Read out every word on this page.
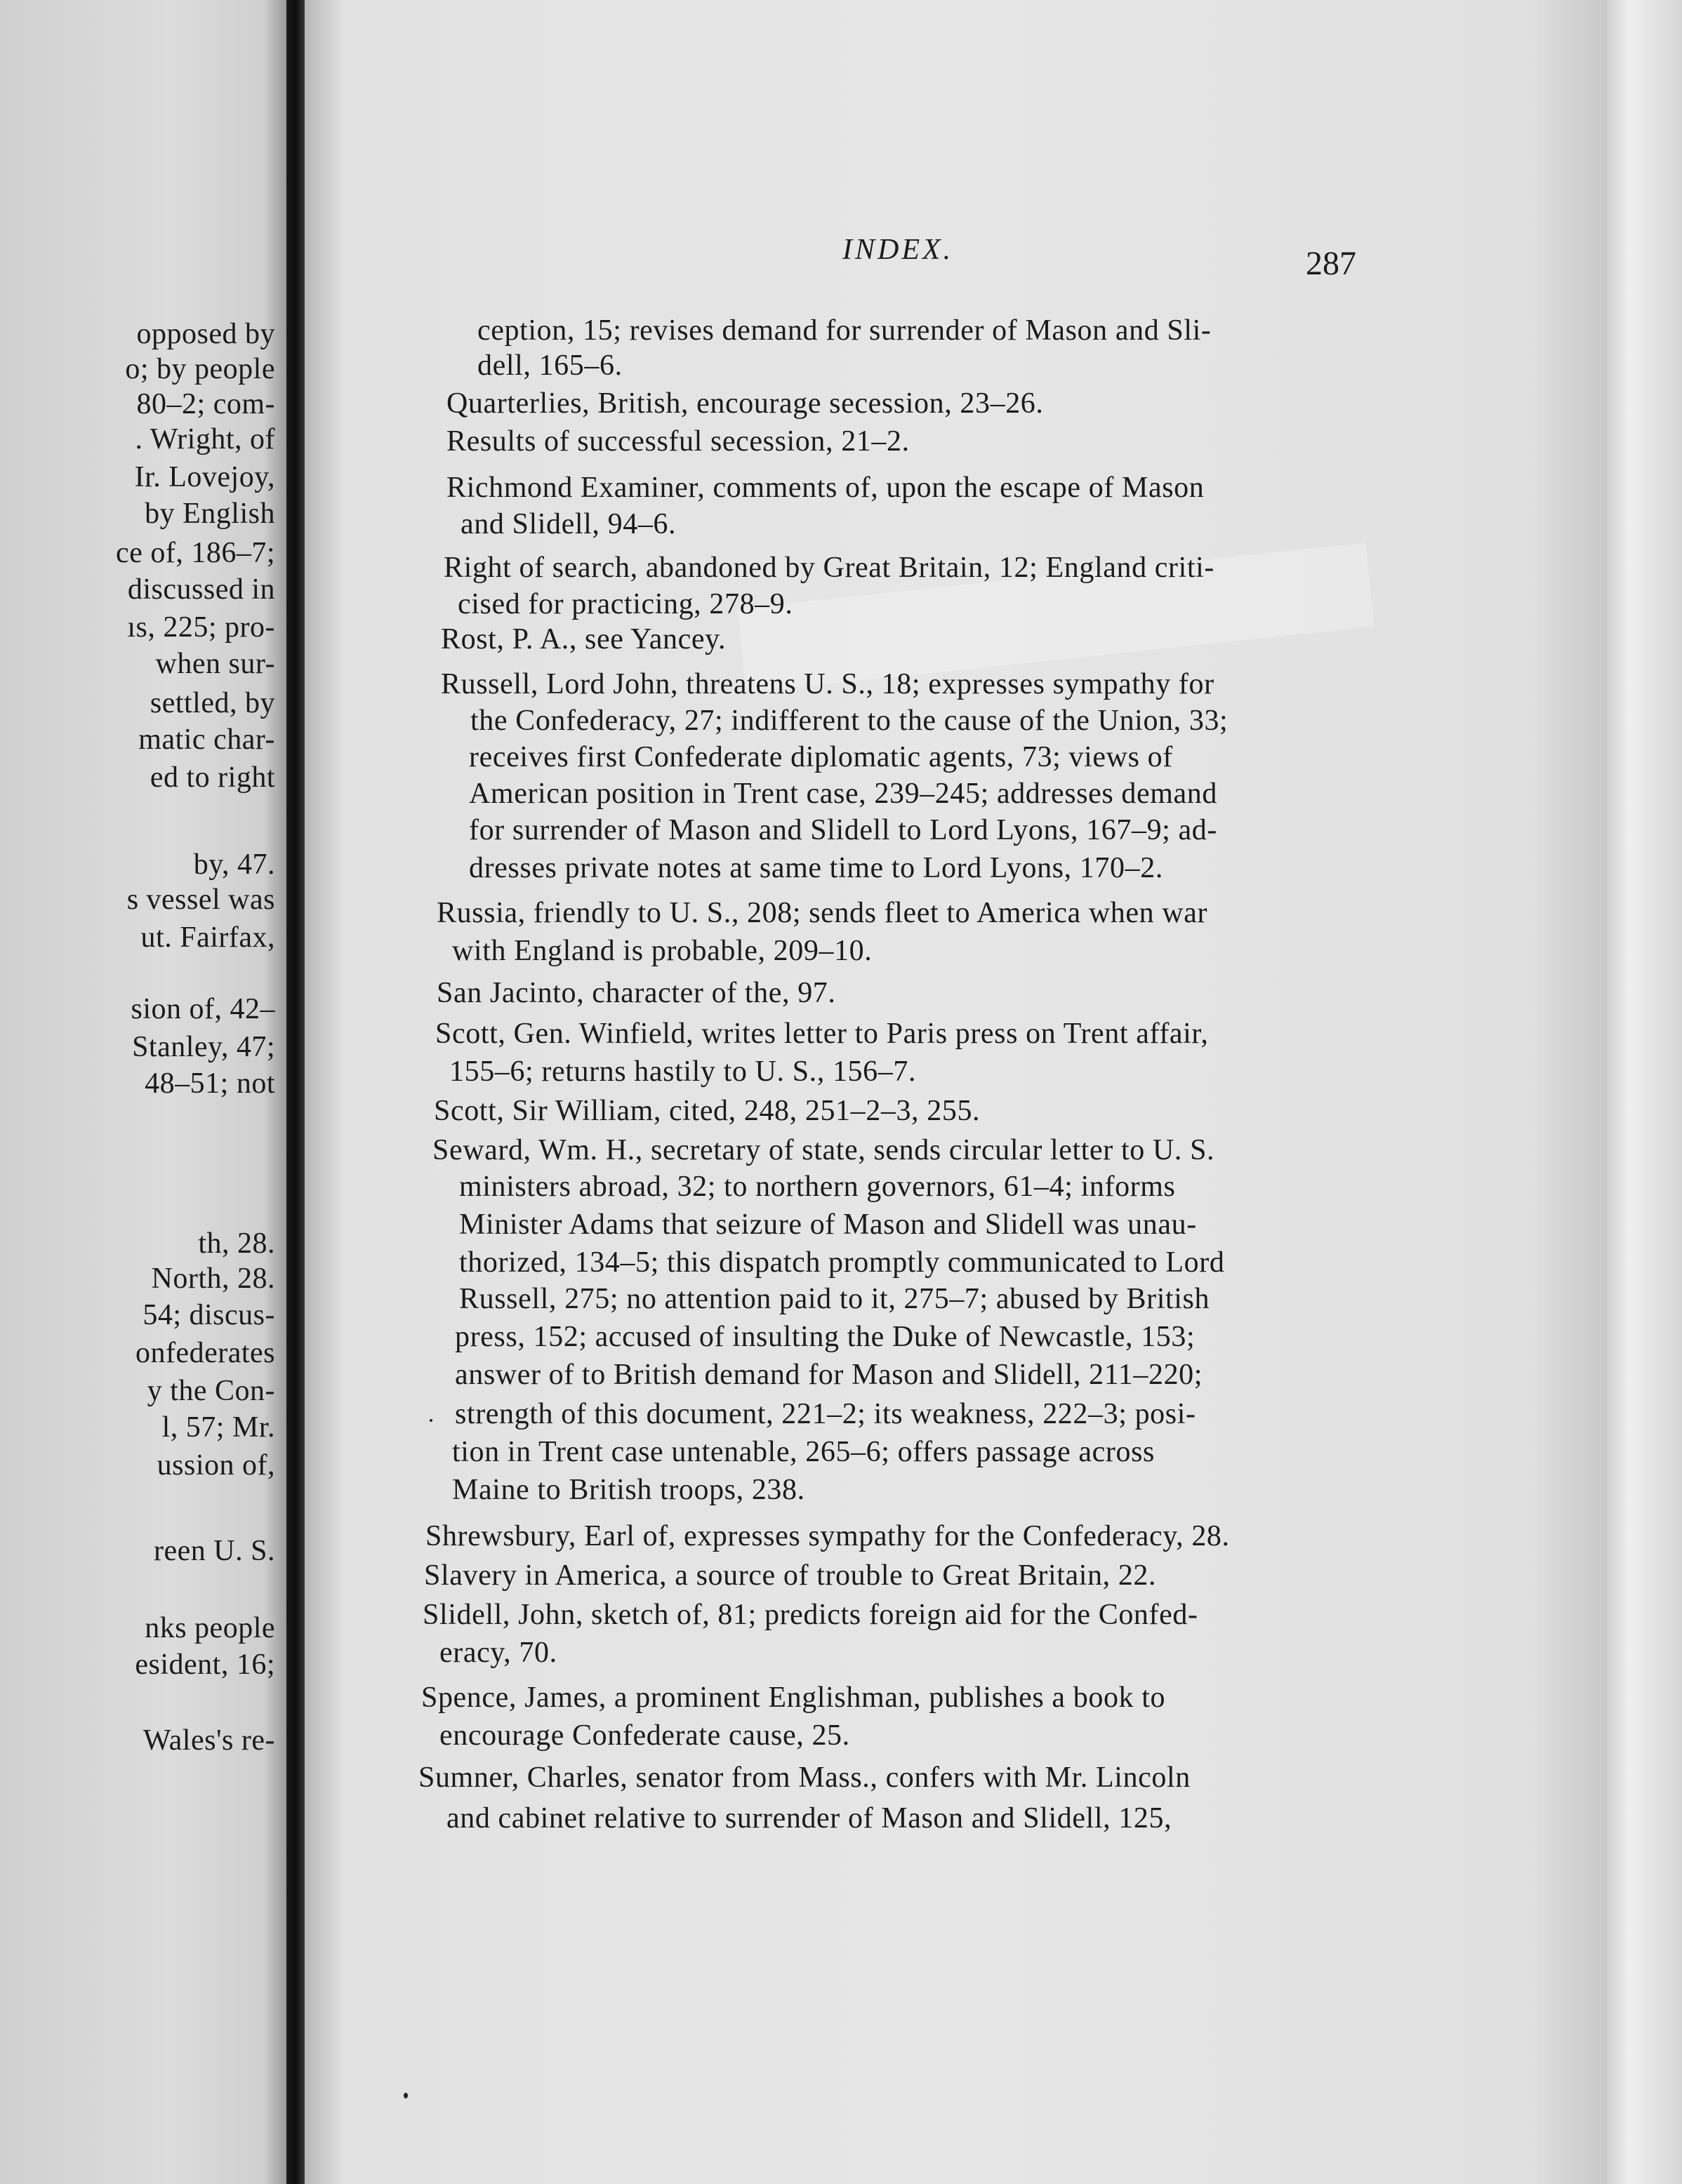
opposed by
o; by people
80–2; com-
. Wright, of
Ir. Lovejoy,
by English
ce of, 186–7;
discussed in
ıs, 225; pro-
when sur-
settled, by
matic char-
ed to right
by, 47.
s vessel was
ut. Fairfax,
sion of, 42–
Stanley, 47;
48–51; not
th, 28.
North, 28.
54; discus-
onfederates
y the Con-
l, 57; Mr.
ussion of,
reen U. S.
nks people
esident, 16;
Wales's re-
INDEX.	287
ception, 15; revises demand for surrender of Mason and Sli-
dell, 165–6.
Quarterlies, British, encourage secession, 23–26.
Results of successful secession, 21–2.
Richmond Examiner, comments of, upon the escape of Mason
and Slidell, 94–6.
Right of search, abandoned by Great Britain, 12; England criti-
cised for practicing, 278–9.
Rost, P. A., see Yancey.
Russell, Lord John, threatens U. S., 18; expresses sympathy for
the Confederacy, 27; indifferent to the cause of the Union, 33;
receives first Confederate diplomatic agents, 73; views of
American position in Trent case, 239–245; addresses demand
for surrender of Mason and Slidell to Lord Lyons, 167–9; ad-
dresses private notes at same time to Lord Lyons, 170–2.
Russia, friendly to U. S., 208; sends fleet to America when war
with England is probable, 209–10.
San Jacinto, character of the, 97.
Scott, Gen. Winfield, writes letter to Paris press on Trent affair,
155–6; returns hastily to U. S., 156–7.
Scott, Sir William, cited, 248, 251–2–3, 255.
Seward, Wm. H., secretary of state, sends circular letter to U. S.
ministers abroad, 32; to northern governors, 61–4; informs
Minister Adams that seizure of Mason and Slidell was unau-
thorized, 134–5; this dispatch promptly communicated to Lord
Russell, 275; no attention paid to it, 275–7; abused by British
press, 152; accused of insulting the Duke of Newcastle, 153;
answer of to British demand for Mason and Slidell, 211–220;
strength of this document, 221–2; its weakness, 222–3; posi-
tion in Trent case untenable, 265–6; offers passage across
Maine to British troops, 238.
Shrewsbury, Earl of, expresses sympathy for the Confederacy, 28.
Slavery in America, a source of trouble to Great Britain, 22.
Slidell, John, sketch of, 81; predicts foreign aid for the Confed-
eracy, 70.
Spence, James, a prominent Englishman, publishes a book to
encourage Confederate cause, 25.
Sumner, Charles, senator from Mass., confers with Mr. Lincoln
and cabinet relative to surrender of Mason and Slidell, 125,
